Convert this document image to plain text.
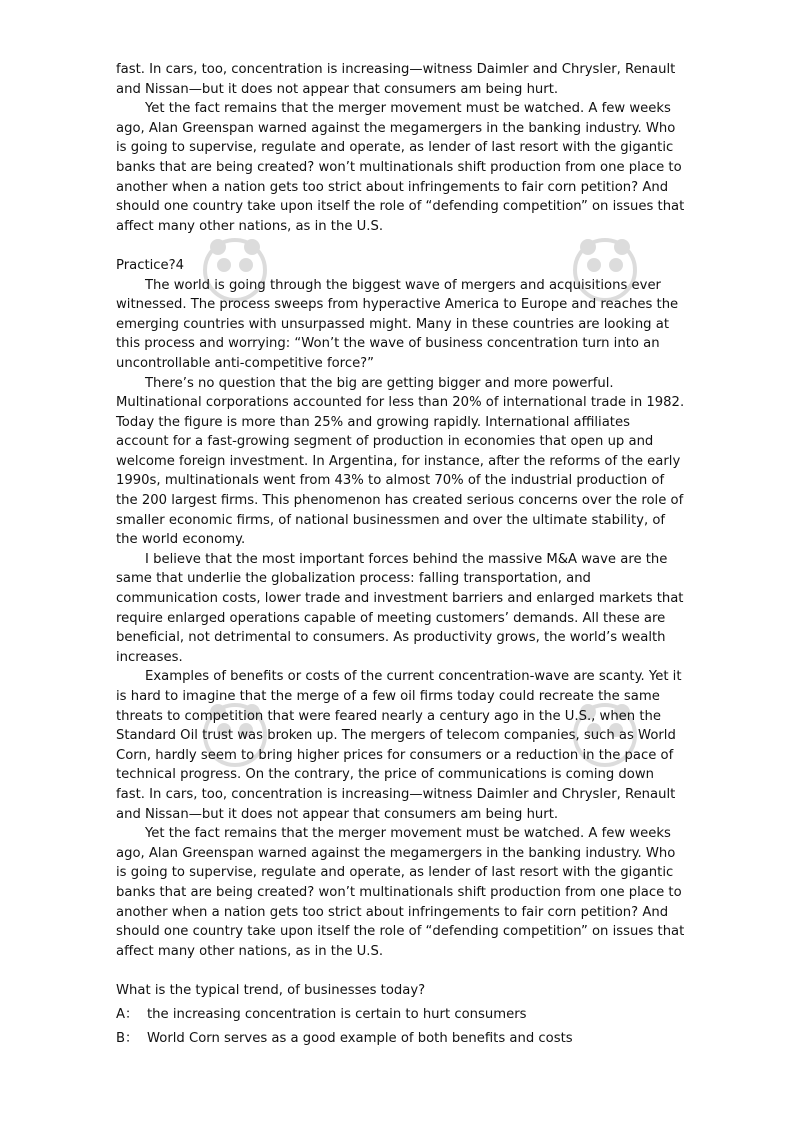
fast. In cars, too, concentration is increasing—witness Daimler and Chrysler, Renault and Nissan—but it does not appear that consumers am being hurt.

Yet the fact remains that the merger movement must be watched. A few weeks ago, Alan Greenspan warned against the megamergers in the banking industry. Who is going to supervise, regulate and operate, as lender of last resort with the gigantic banks that are being created? won’t multinationals shift production from one place to another when a nation gets too strict about infringements to fair corn petition? And should one country take upon itself the role of “defending competition” on issues that affect many other nations, as in the U.S.

Practice?4

The world is going through the biggest wave of mergers and acquisitions ever witnessed. The process sweeps from hyperactive America to Europe and reaches the emerging countries with unsurpassed might. Many in these countries are looking at this process and worrying: “Won’t the wave of business concentration turn into an uncontrollable anti-competitive force?”

There’s no question that the big are getting bigger and more powerful. Multinational corporations accounted for less than 20% of international trade in 1982. Today the figure is more than 25% and growing rapidly. International affiliates account for a fast-growing segment of production in economies that open up and welcome foreign investment. In Argentina, for instance, after the reforms of the early 1990s, multinationals went from 43% to almost 70% of the industrial production of the 200 largest firms. This phenomenon has created serious concerns over the role of smaller economic firms, of national businessmen and over the ultimate stability, of the world economy.

I believe that the most important forces behind the massive M&A wave are the same that underlie the globalization process: falling transportation, and communication costs, lower trade and investment barriers and enlarged markets that require enlarged operations capable of meeting customers’ demands. All these are beneficial, not detrimental to consumers. As productivity grows, the world’s wealth increases.

Examples of benefits or costs of the current concentration-wave are scanty. Yet it is hard to imagine that the merge of a few oil firms today could recreate the same threats to competition that were feared nearly a century ago in the U.S., when the Standard Oil trust was broken up. The mergers of telecom companies, such as World Corn, hardly seem to bring higher prices for consumers or a reduction in the pace of technical progress. On the contrary, the price of communications is coming down fast. In cars, too, concentration is increasing—witness Daimler and Chrysler, Renault and Nissan—but it does not appear that consumers am being hurt.

Yet the fact remains that the merger movement must be watched. A few weeks ago, Alan Greenspan warned against the megamergers in the banking industry. Who is going to supervise, regulate and operate, as lender of last resort with the gigantic banks that are being created? won’t multinationals shift production from one place to another when a nation gets too strict about infringements to fair corn petition? And should one country take upon itself the role of “defending competition” on issues that affect many other nations, as in the U.S.

What is the typical trend, of businesses today?

A： the increasing concentration is certain to hurt consumers
B： World Corn serves as a good example of both benefits and costs
